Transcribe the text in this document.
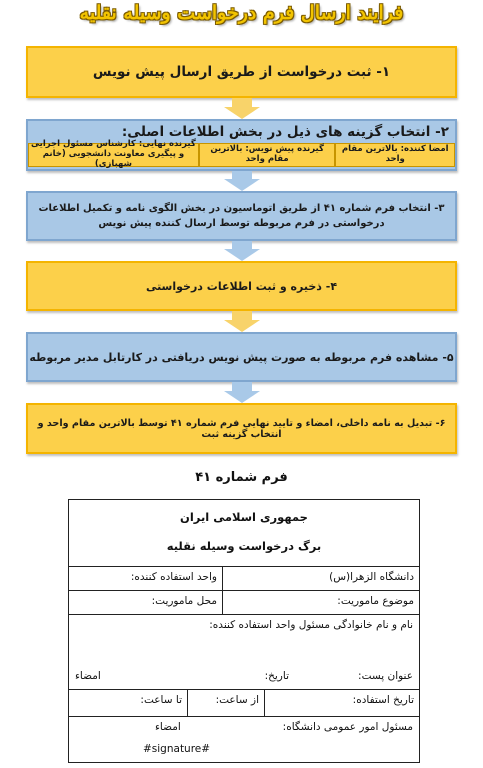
فرایند ارسال فرم درخواست وسیله نقلیه
۱- ثبت درخواست از طریق ارسال پیش نویس
۲- انتخاب گزینه های ذیل در بخش اطلاعات اصلی:
امضا کننده: بالاترین مقام واحد
گیرنده پیش نویس: بالاترین مقام واحد
گیرنده نهایی: کارشناس مسئول اجرایی و پیگیری معاونت دانشجویی (خانم شهبازی)
۳- انتخاب فرم شماره ۴۱ از طریق اتوماسیون در بخش الگوی نامه و تکمیل اطلاعات درخواستی در فرم مربوطه توسط ارسال کننده پیش نویس
۴- ذخیره و ثبت اطلاعات درخواستی
۵- مشاهده فرم مربوطه به صورت پیش نویس دریافتی در کارتابل مدیر مربوطه
۶- تبدیل به نامه داخلی، امضاء و تایید نهایی فرم شماره ۴۱ توسط بالاترین مقام واحد و انتخاب گزینه ثبت
فرم شماره ۴۱
جمهوری اسلامی ایران
برگ درخواست وسیله نقلیه
دانشگاه الزهرا(س)
واحد استفاده کننده:
موضوع ماموریت:
محل ماموریت:
نام و نام خانوادگی مسئول واحد استفاده کننده:
عنوان پست:
تاریخ:
امضاء
تاریخ استفاده:
از ساعت:
تا ساعت:
مسئول امور عمومی دانشگاه:
امضاء
#signature#
